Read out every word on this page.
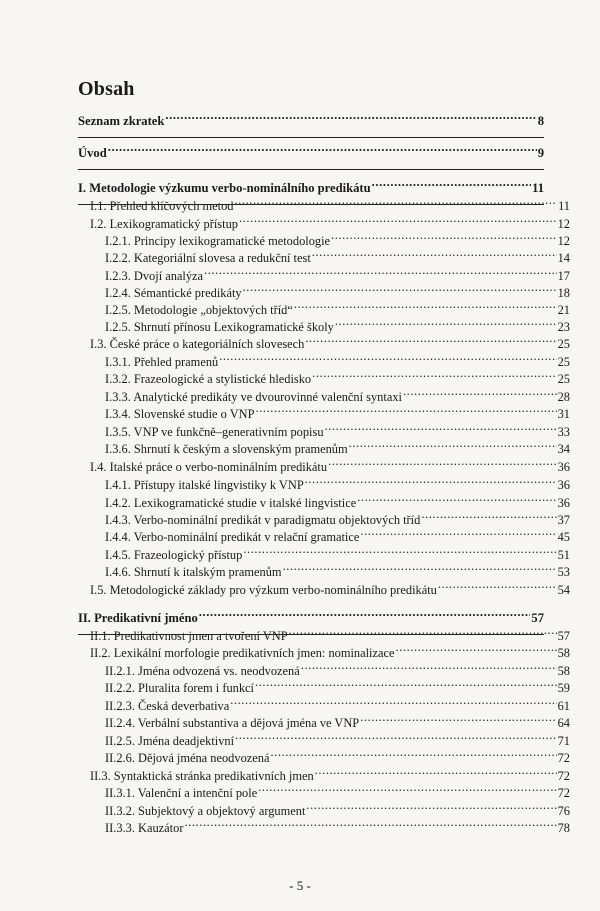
Obsah
Seznam zkratek .....	8
Úvod .....	9
I. Metodologie výzkumu verbo-nominálního predikátu .....	11
I.1. Přehled klíčových metod .....	11
I.2. Lexikogramatický přístup .....	12
I.2.1. Principy lexikogramatické metodologie .....	12
I.2.2. Kategoriální slovesa a redukční test .....	14
I.2.3. Dvojí analýza .....	17
I.2.4. Sémantické predikáty .....	18
I.2.5. Metodologie „objektových tříd“ .....	21
I.2.5. Shrnutí přínosu Lexikogramatické školy .....	23
I.3. České práce o kategoriálních slovesech .....	25
I.3.1. Přehled pramenů .....	25
I.3.2. Frazeologické a stylistické hledisko .....	25
I.3.3. Analytické predikáty ve dvourovinné valenční syntaxi .....	28
I.3.4. Slovenské studie o VNP .....	31
I.3.5. VNP ve funkčně–generativním popisu .....	33
I.3.6. Shrnutí k českým a slovenským pramenům .....	34
I.4. Italské práce o verbo-nominálním predikátu .....	36
I.4.1. Přístupy italské lingvistiky k VNP .....	36
I.4.2. Lexikogramatické studie v italské lingvistice .....	36
I.4.3. Verbo-nominální predikát v paradigmatu objektových tříd .....	37
I.4.4. Verbo-nominální predikát v relační gramatice .....	45
I.4.5. Frazeologický přístup .....	51
I.4.6. Shrnutí k italským pramenům .....	53
I.5. Metodologické základy pro výzkum verbo-nominálního predikátu .....	54
II. Predikativní jméno .....	57
II.1. Predikativnost jmen a tvoření VNP .....	57
II.2. Lexikální morfologie predikativních jmen: nominalizace .....	58
II.2.1. Jména odvozená vs. neodvozená .....	58
II.2.2. Pluralita forem i funkcí .....	59
II.2.3. Česká deverbativa .....	61
II.2.4. Verbální substantiva a dějová jména ve VNP .....	64
II.2.5. Jména deadjektivní .....	71
II.2.6. Dějová jména neodvozená .....	72
II.3. Syntaktická stránka predikativních jmen .....	72
II.3.1. Valenční a intenční pole .....	72
II.3.2. Subjektový a objektový argument .....	76
II.3.3. Kauzátor .....	78
- 5 -
